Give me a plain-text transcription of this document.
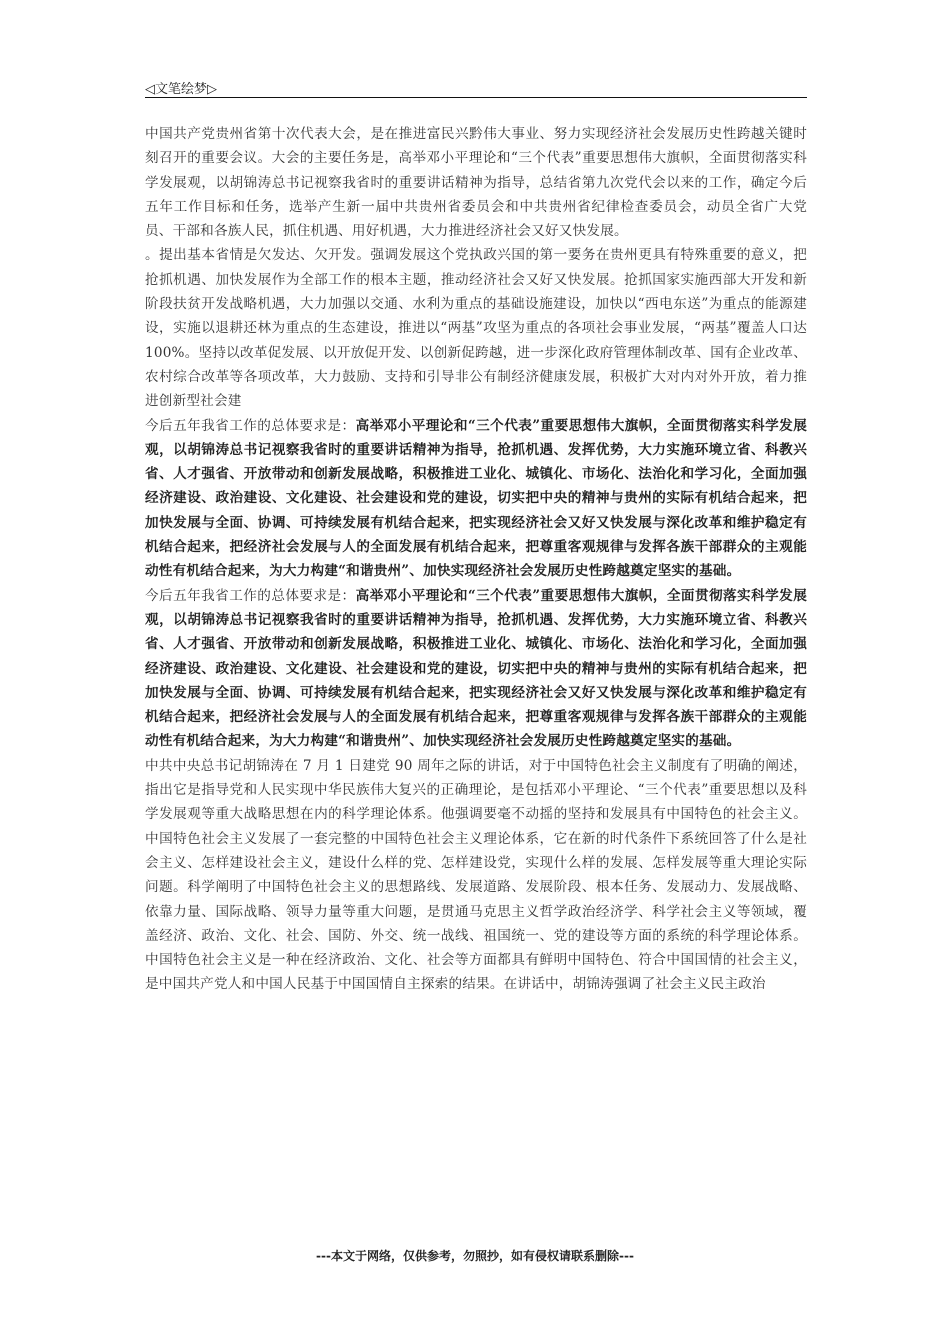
◁文笔绘梦▷

中国共产党贵州省第十次代表大会，是在推进富民兴黔伟大事业、努力实现经济社会发展历史性跨越关键时刻召开的重要会议。大会的主要任务是，高举邓小平理论和“三个代表”重要思想伟大旗帜，全面贯彻落实科学发展观，以胡锦涛总书记视察我省时的重要讲话精神为指导，总结省第九次党代会以来的工作，确定今后五年工作目标和任务，选举产生新一届中共贵州省委员会和中共贵州省纪律检查委员会，动员全省广大党员、干部和各族人民，抓住机遇、用好机遇，大力推进经济社会又好又快发展。

。提出基本省情是欠发达、欠开发。强调发展这个党执政兴国的第一要务在贵州更具有特殊重要的意义，把抢抓机遇、加快发展作为全部工作的根本主题，推动经济社会又好又快发展。抢抓国家实施西部大开发和新阶段扶贫开发战略机遇，大力加强以交通、水利为重点的基础设施建设，加快以“西电东送”为重点的能源建设，实施以退耕还林为重点的生态建设，推进以“两基”攻坚为重点的各项社会事业发展，“两基”覆盖人口达 100%。坚持以改革促发展、以开放促开发、以创新促跨越，进一步深化政府管理体制改革、国有企业改革、农村综合改革等各项改革，大力鼓励、支持和引导非公有制经济健康发展，积极扩大对内对外开放，着力推进创新型社会建

今后五年我省工作的总体要求是：高举邓小平理论和“三个代表”重要思想伟大旗帜，全面贯彻落实科学发展观，以胡锦涛总书记视察我省时的重要讲话精神为指导，抢抓机遇、发挥优势，大力实施环境立省、科教兴省、人才强省、开放带动和创新发展战略，积极推进工业化、城镇化、市场化、法治化和学习化，全面加强经济建设、政治建设、文化建设、社会建设和党的建设，切实把中央的精神与贵州的实际有机结合起来，把加快发展与全面、协调、可持续发展有机结合起来，把实现经济社会又好又快发展与深化改革和维护稳定有机结合起来，把经济社会发展与人的全面发展有机结合起来，把尊重客观规律与发挥各族干部群众的主观能动性有机结合起来，为大力构建“和谐贵州”、加快实现经济社会发展历史性跨越奠定坚实的基础。

今后五年我省工作的总体要求是：高举邓小平理论和“三个代表”重要思想伟大旗帜，全面贯彻落实科学发展观，以胡锦涛总书记视察我省时的重要讲话精神为指导，抢抓机遇、发挥优势，大力实施环境立省、科教兴省、人才强省、开放带动和创新发展战略，积极推进工业化、城镇化、市场化、法治化和学习化，全面加强经济建设、政治建设、文化建设、社会建设和党的建设，切实把中央的精神与贵州的实际有机结合起来，把加快发展与全面、协调、可持续发展有机结合起来，把实现经济社会又好又快发展与深化改革和维护稳定有机结合起来，把经济社会发展与人的全面发展有机结合起来，把尊重客观规律与发挥各族干部群众的主观能动性有机结合起来，为大力构建“和谐贵州”、加快实现经济社会发展历史性跨越奠定坚实的基础。

中共中央总书记胡锦涛在 7 月 1 日建党 90 周年之际的讲话，对于中国特色社会主义制度有了明确的阐述，指出它是指导党和人民实现中华民族伟大复兴的正确理论，是包括邓小平理论、“三个代表”重要思想以及科学发展观等重大战略思想在内的科学理论体系。他强调要毫不动摇的坚持和发展具有中国特色的社会主义。中国特色社会主义发展了一套完整的中国特色社会主义理论体系，它在新的时代条件下系统回答了什么是社会主义、怎样建设社会主义，建设什么样的党、怎样建设党，实现什么样的发展、怎样发展等重大理论实际问题。科学阐明了中国特色社会主义的思想路线、发展道路、发展阶段、根本任务、发展动力、发展战略、依靠力量、国际战略、领导力量等重大问题，是贯通马克思主义哲学政治经济学、科学社会主义等领域，覆盖经济、政治、文化、社会、国防、外交、统一战线、祖国统一、党的建设等方面的系统的科学理论体系。中国特色社会主义是一种在经济政治、文化、社会等方面都具有鲜明中国特色、符合中国国情的社会主义，是中国共产党人和中国人民基于中国国情自主探索的结果。在讲话中，胡锦涛强调了社会主义民主政治

---本文于网络，仅供参考，勿照抄，如有侵权请联系删除---
